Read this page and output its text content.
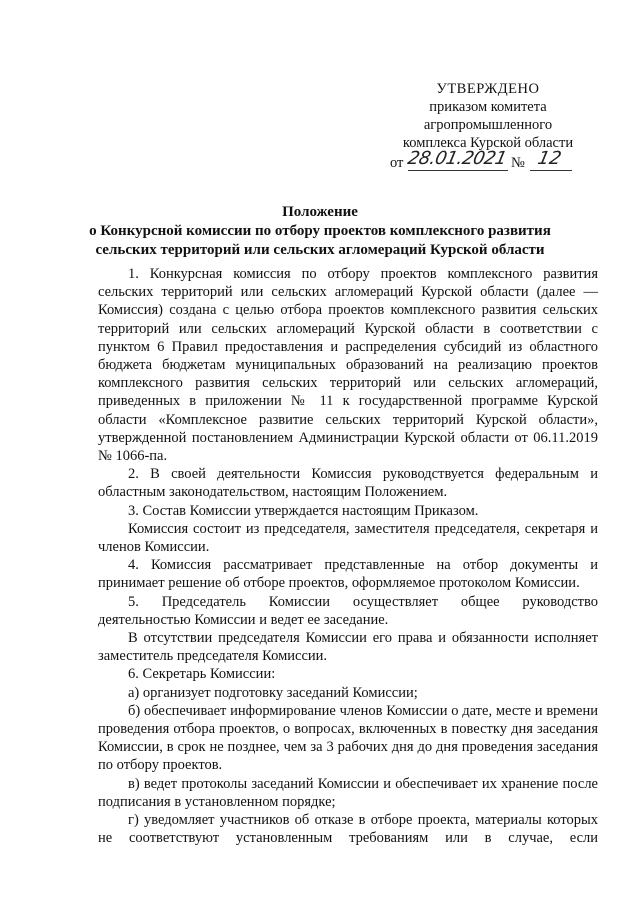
УТВЕРЖДЕНО
приказом комитета
агропромышленного
комплекса Курской области
от 28.01.2021 № 12
Положение
о Конкурсной комиссии по отбору проектов комплексного развития
сельских территорий или сельских агломераций Курской области

1. Конкурсная комиссия по отбору проектов комплексного развития сельских территорий или сельских агломераций Курской области (далее — Комиссия) создана с целью отбора проектов комплексного развития сельских территорий или сельских агломераций Курской области в соответствии с пунктом 6 Правил предоставления и распределения субсидий из областного бюджета бюджетам муниципальных образований на реализацию проектов комплексного развития сельских территорий или сельских агломераций, приведенных в приложении № 11 к государственной программе Курской области «Комплексное развитие сельских территорий Курской области», утвержденной постановлением Администрации Курской области от 06.11.2019 № 1066-па.

2. В своей деятельности Комиссия руководствуется федеральным и областным законодательством, настоящим Положением.

3. Состав Комиссии утверждается настоящим Приказом.

Комиссия состоит из председателя, заместителя председателя, секретаря и членов Комиссии.

4. Комиссия рассматривает представленные на отбор документы и принимает решение об отборе проектов, оформляемое протоколом Комиссии.

5. Председатель Комиссии осуществляет общее руководство деятельностью Комиссии и ведет ее заседание.

В отсутствии председателя Комиссии его права и обязанности исполняет заместитель председателя Комиссии.

6. Секретарь Комиссии:

а) организует подготовку заседаний Комиссии;

б) обеспечивает информирование членов Комиссии о дате, месте и времени проведения отбора проектов, о вопросах, включенных в повестку дня заседания Комиссии, в срок не позднее, чем за 3 рабочих дня до дня проведения заседания по отбору проектов.

в) ведет протоколы заседаний Комиссии и обеспечивает их хранение после подписания в установленном порядке;

г) уведомляет участников об отказе в отборе проекта, материалы которых не соответствуют установленным требованиям или в случае, если
